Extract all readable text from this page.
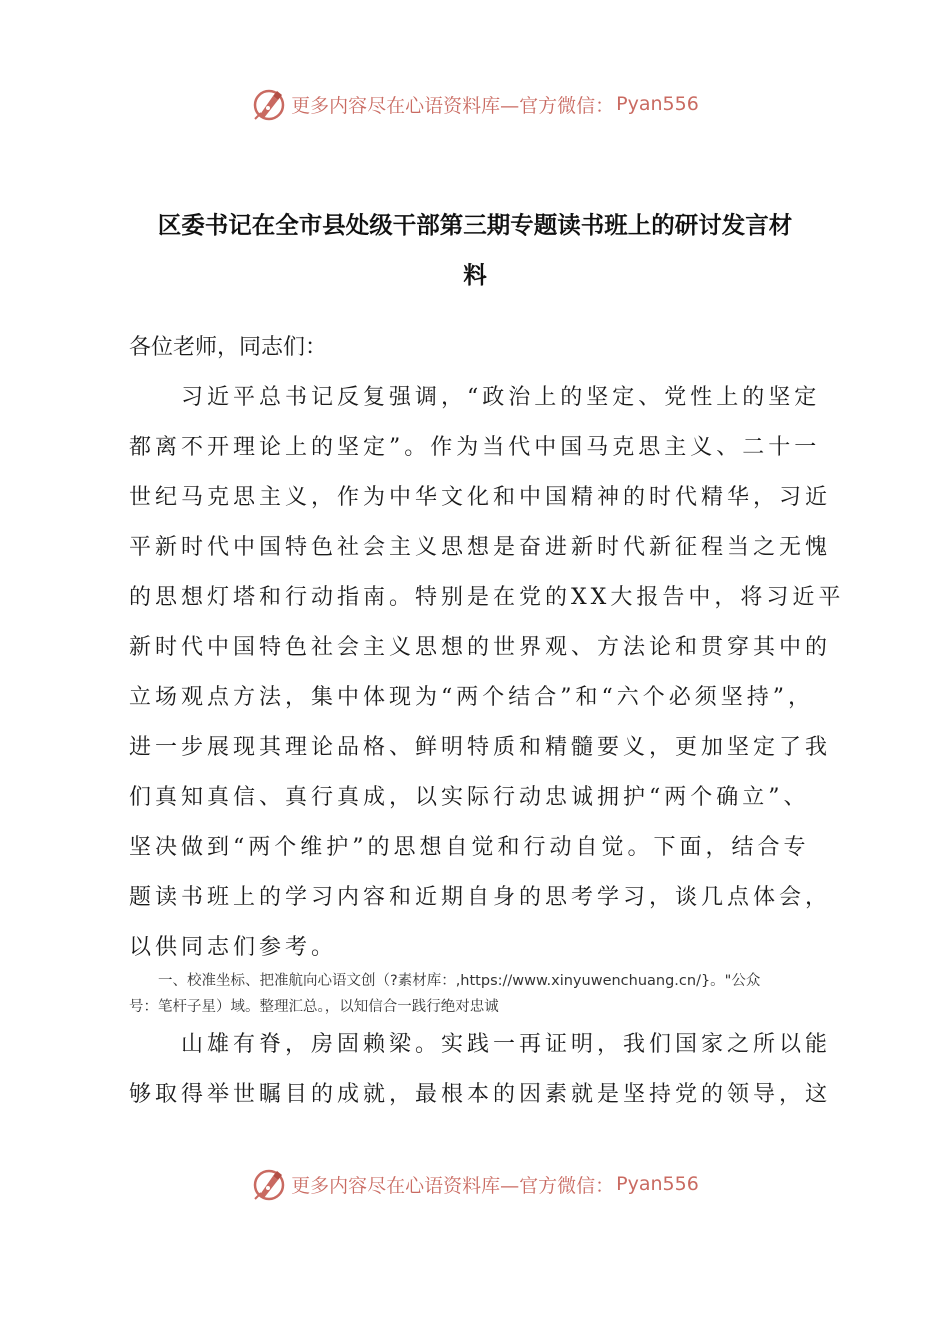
更多内容尽在心语资料库—官方微信： Pyan556
区委书记在全市县处级干部第三期专题读书班上的研讨发言材
料
各位老师，同志们：
　　习近平总书记反复强调，“政治上的坚定、党性上的坚定
都离不开理论上的坚定”。作为当代中国马克思主义、二十一
世纪马克思主义，作为中华文化和中国精神的时代精华，习近
平新时代中国特色社会主义思想是奋进新时代新征程当之无愧
的思想灯塔和行动指南。特别是在党的XX大报告中，将习近平
新时代中国特色社会主义思想的世界观、方法论和贯穿其中的
立场观点方法，集中体现为“两个结合”和“六个必须坚持”，
进一步展现其理论品格、鲜明特质和精髓要义，更加坚定了我
们真知真信、真行真成，以实际行动忠诚拥护“两个确立”、
坚决做到“两个维护”的思想自觉和行动自觉。下面，结合专
题读书班上的学习内容和近期自身的思考学习，谈几点体会，
以供同志们参考。
　　一、校准坐标、把准航向心语文创（?素材库：,https://www.xinyuwenchuang.cn/}。"公众
号：笔杆子星）域。整理汇总。，以知信合一践行绝对忠诚
　　山雄有脊，房固赖梁。实践一再证明，我们国家之所以能
够取得举世瞩目的成就，最根本的因素就是坚持党的领导，这
更多内容尽在心语资料库—官方微信： Pyan556
